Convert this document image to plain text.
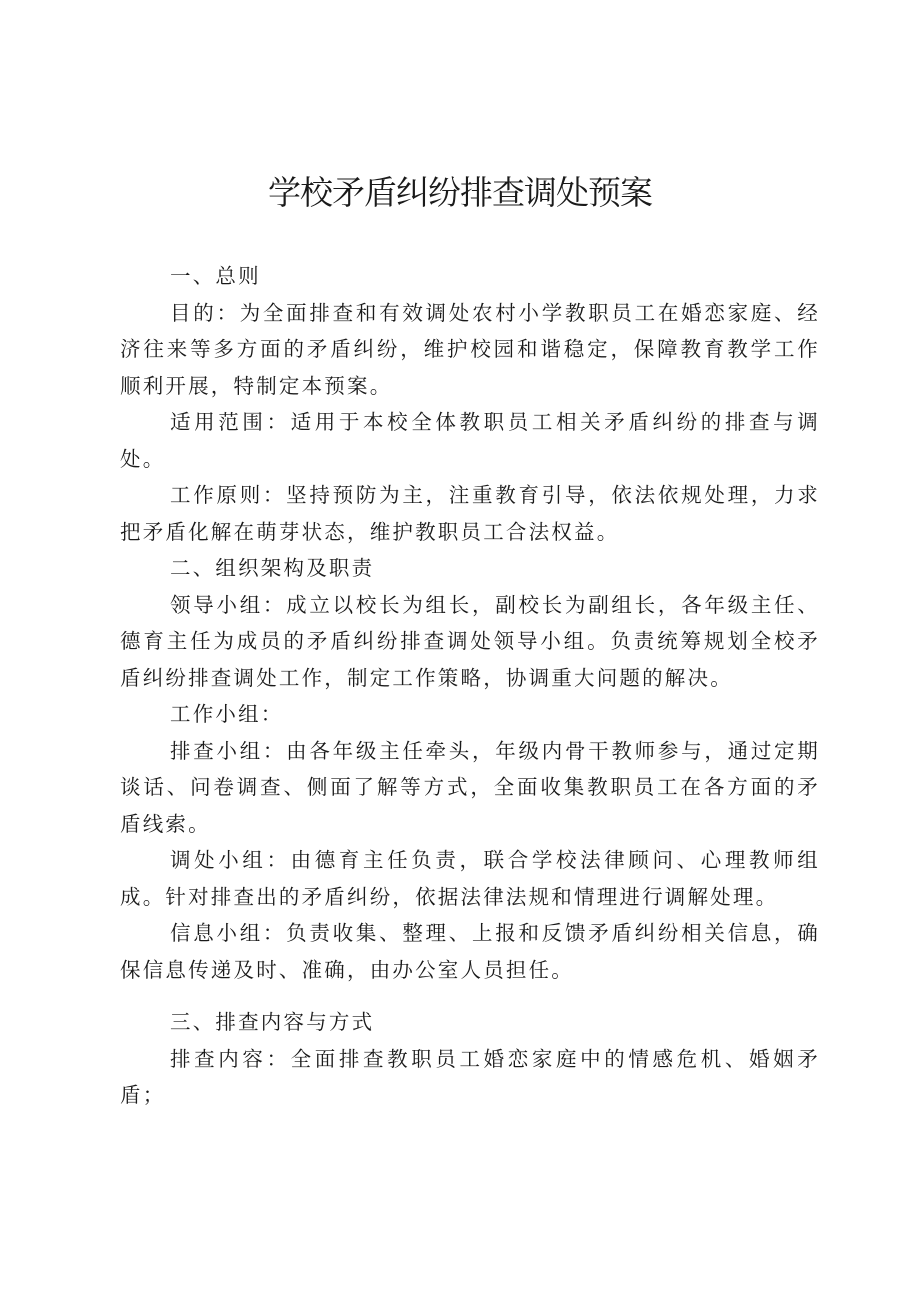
学校矛盾纠纷排查调处预案

一、总则

目的：为全面排查和有效调处农村小学教职员工在婚恋家庭、经济往来等多方面的矛盾纠纷，维护校园和谐稳定，保障教育教学工作顺利开展，特制定本预案。

适用范围：适用于本校全体教职员工相关矛盾纠纷的排查与调处。

工作原则：坚持预防为主，注重教育引导，依法依规处理，力求把矛盾化解在萌芽状态，维护教职员工合法权益。

二、组织架构及职责

领导小组：成立以校长为组长，副校长为副组长，各年级主任、德育主任为成员的矛盾纠纷排查调处领导小组。负责统筹规划全校矛盾纠纷排查调处工作，制定工作策略，协调重大问题的解决。

工作小组：

排查小组：由各年级主任牵头，年级内骨干教师参与，通过定期谈话、问卷调查、侧面了解等方式，全面收集教职员工在各方面的矛盾线索。

调处小组：由德育主任负责，联合学校法律顾问、心理教师组成。针对排查出的矛盾纠纷，依据法律法规和情理进行调解处理。

信息小组：负责收集、整理、上报和反馈矛盾纠纷相关信息，确保信息传递及时、准确，由办公室人员担任。

三、排查内容与方式

排查内容：全面排查教职员工婚恋家庭中的情感危机、婚姻矛盾；
